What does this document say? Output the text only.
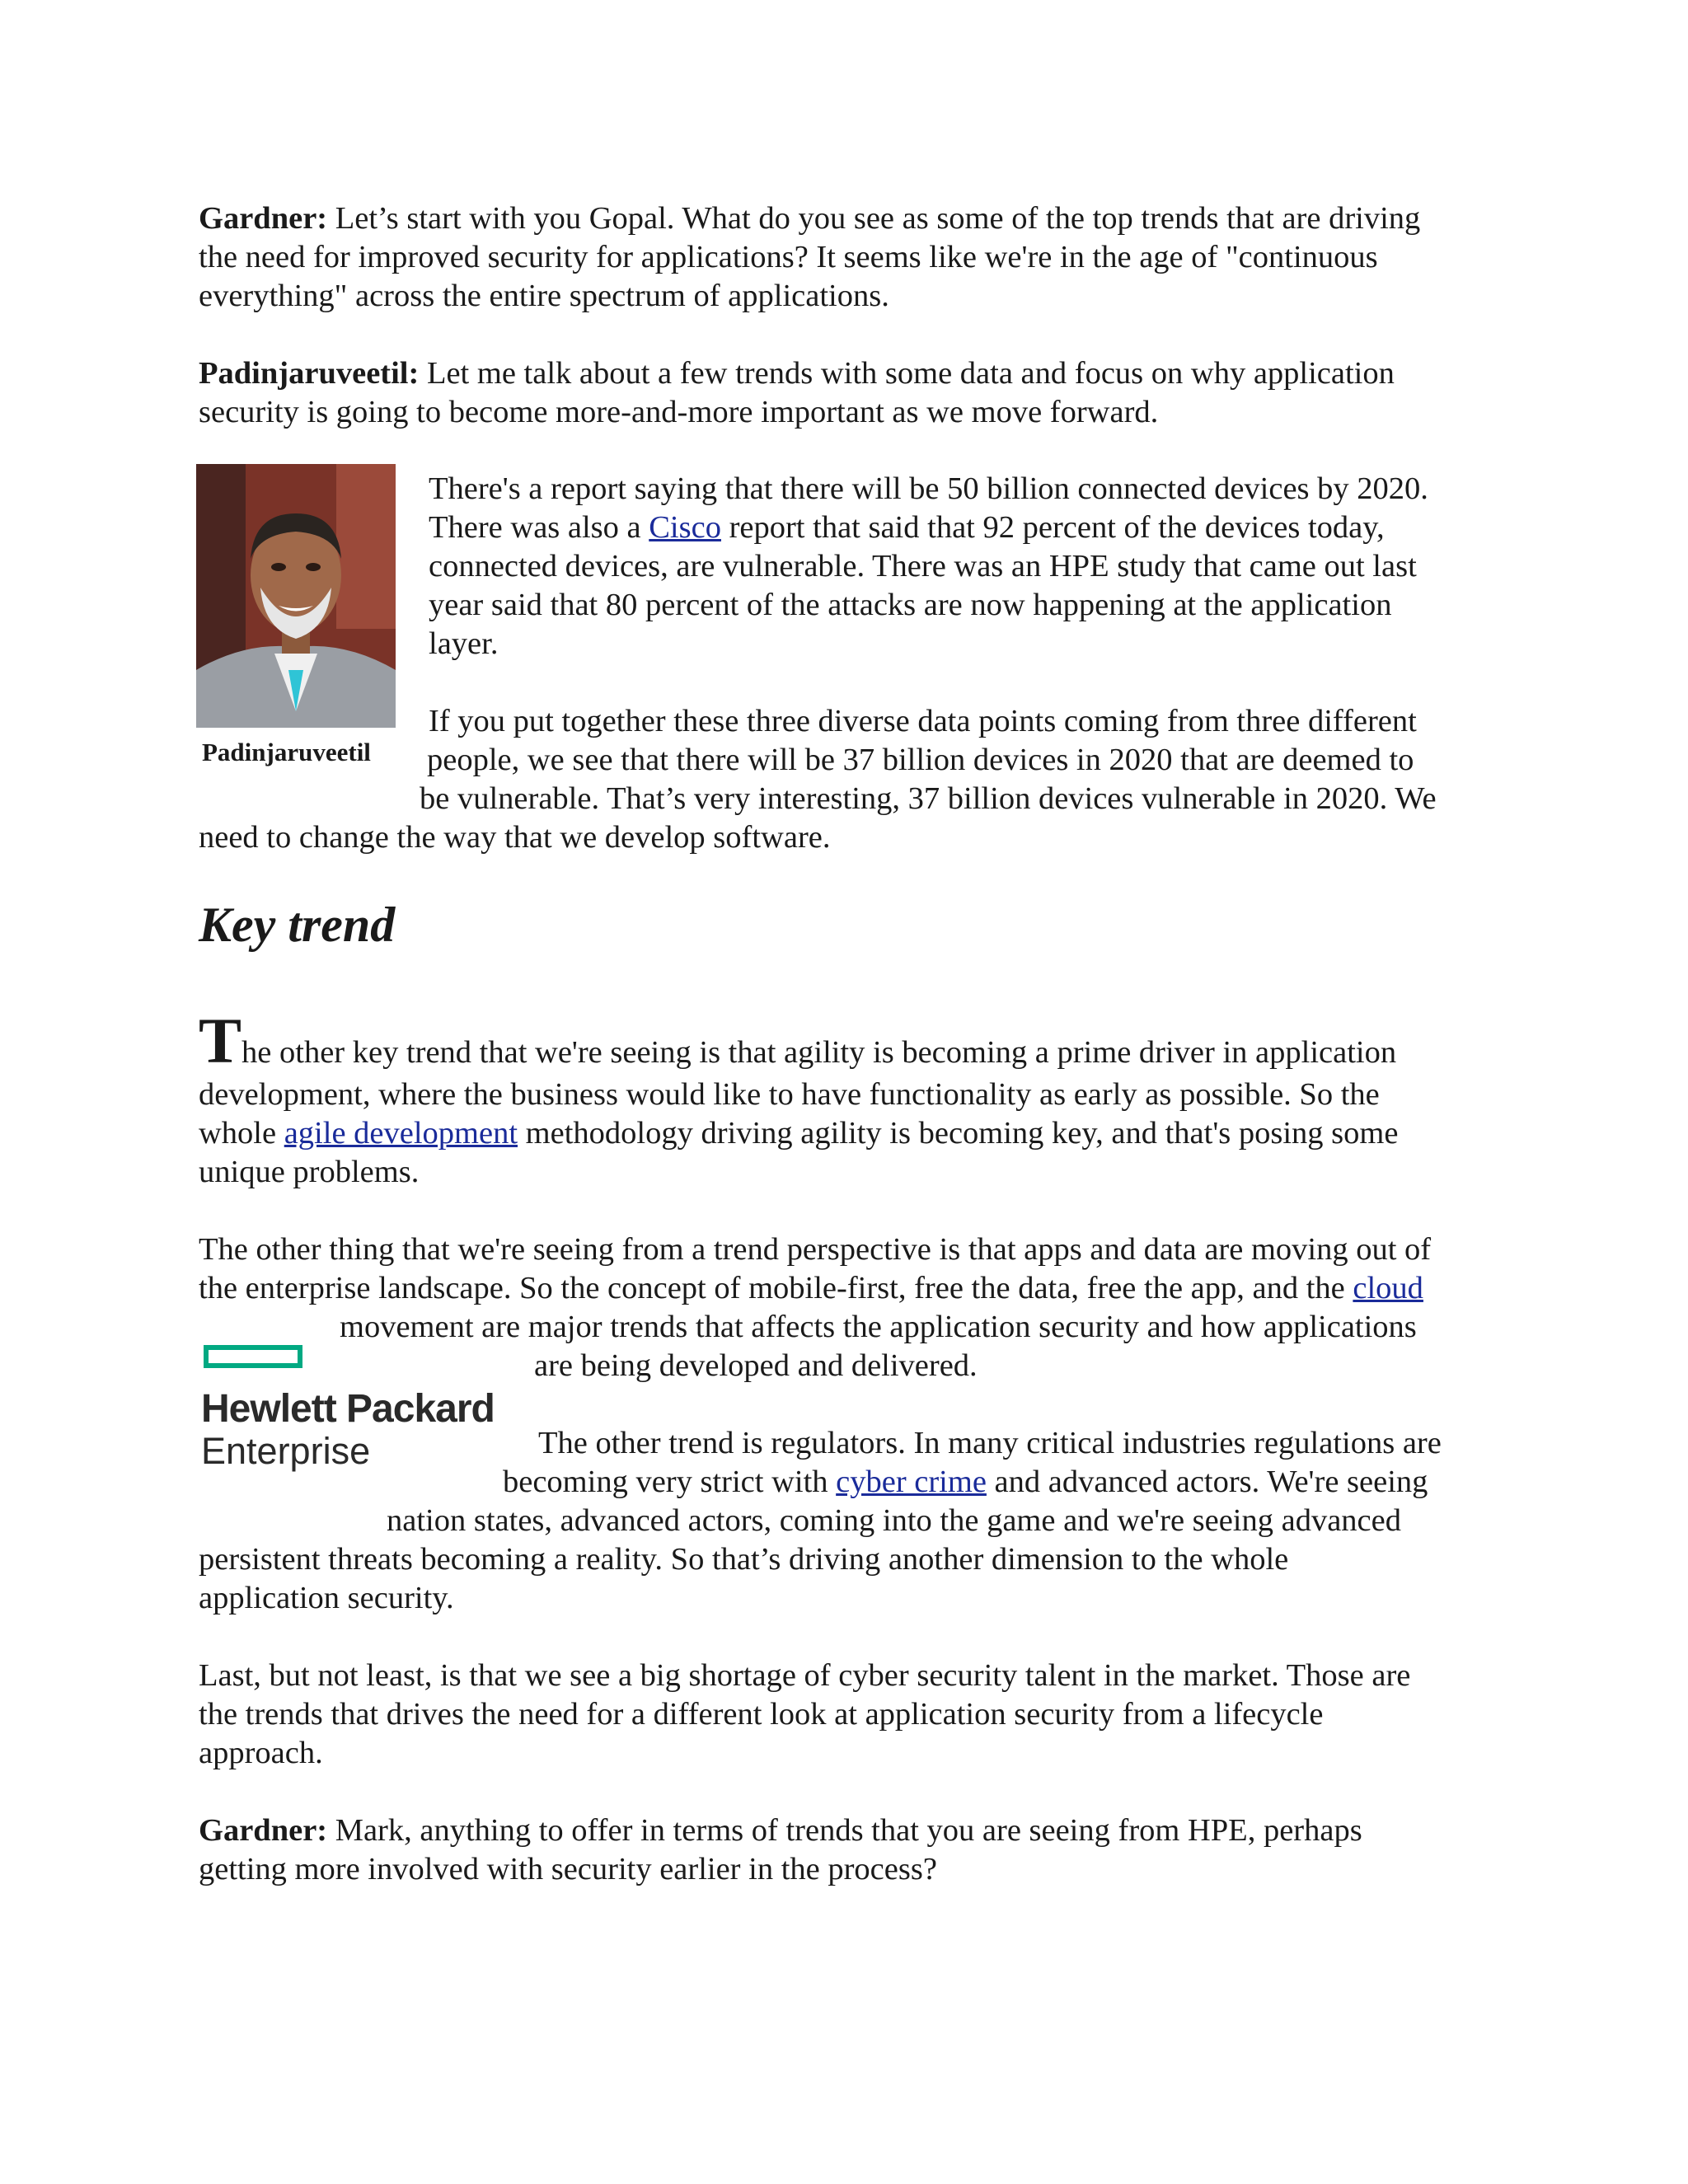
Gardner: Let’s start with you Gopal. What do you see as some of the top trends that are driving

the need for improved security for applications? It seems like we're in the age of "continuous

everything" across the entire spectrum of applications.

Padinjaruveetil: Let me talk about a few trends with some data and focus on why application

security is going to become more-and-more important as we move forward.

Padinjaruveetil

There's a report saying that there will be 50 billion connected devices by 2020.

There was also a Cisco report that said that 92 percent of the devices today,

connected devices, are vulnerable. There was an HPE study that came out last

year said that 80 percent of the attacks are now happening at the application

layer.

If you put together these three diverse data points coming from three different

people, we see that there will be 37 billion devices in 2020 that are deemed to

be vulnerable. That’s very interesting, 37 billion devices vulnerable in 2020. We

need to change the way that we develop software.

Key trend

The other key trend that we're seeing is that agility is becoming a prime driver in application

development, where the business would like to have functionality as early as possible. So the

whole agile development methodology driving agility is becoming key, and that's posing some

unique problems.

The other thing that we're seeing from a trend perspective is that apps and data are moving out of

the enterprise landscape. So the concept of mobile-first, free the data, free the app, and the cloud

movement are major trends that affects the application security and how applications

are being developed and delivered.

Hewlett Packard
Enterprise	The other trend is regulators. In many critical industries regulations are

becoming very strict with cyber crime and advanced actors. We're seeing

nation states, advanced actors, coming into the game and we're seeing advanced

persistent threats becoming a reality. So that’s driving another dimension to the whole

application security.

Last, but not least, is that we see a big shortage of cyber security talent in the market. Those are

the trends that drives the need for a different look at application security from a lifecycle

approach.

Gardner: Mark, anything to offer in terms of trends that you are seeing from HPE, perhaps

getting more involved with security earlier in the process?
